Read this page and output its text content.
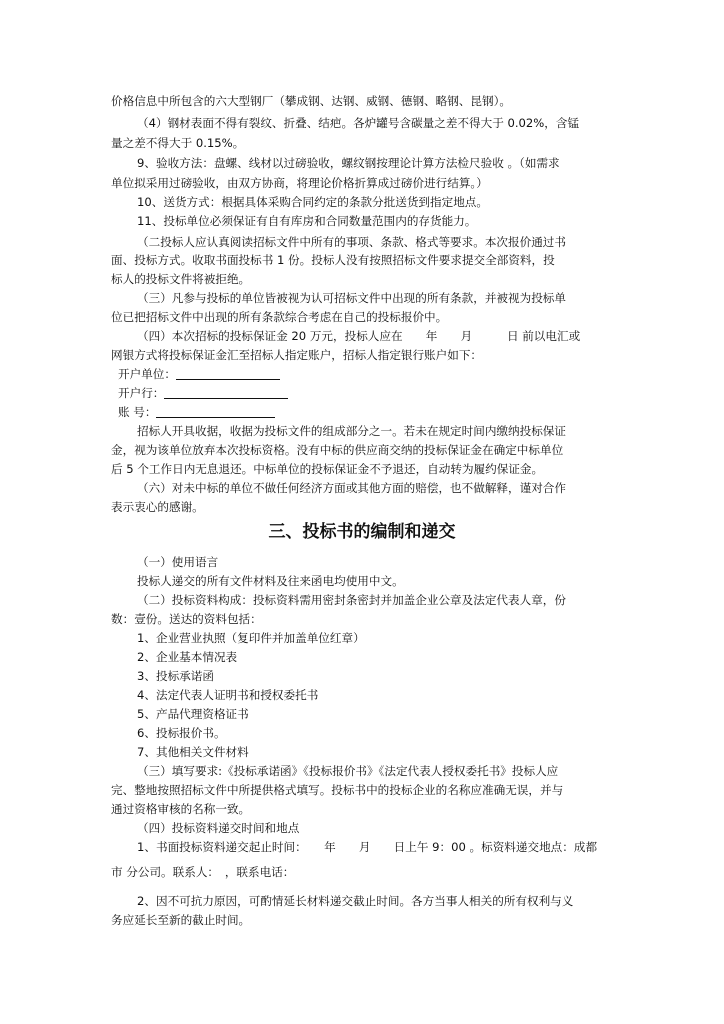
价格信息中所包含的六大型钢厂（攀成钢、达钢、威钢、德钢、略钢、昆钢）。
（4）钢材表面不得有裂纹、折叠、结疤。各炉罐号含碳量之差不得大于 0.02%，含锰
量之差不得大于 0.15%。
9、验收方法：盘螺、线材以过磅验收，螺纹钢按理论计算方法检尺验收 。（如需求
单位拟采用过磅验收，由双方协商，将理论价格折算成过磅价进行结算。）
10、送货方式：根据具体采购合同约定的条款分批送货到指定地点。
11、投标单位必须保证有自有库房和合同数量范围内的存货能力。
（二投标人应认真阅读招标文件中所有的事项、条款、格式等要求。本次报价通过书
面、投标方式。收取书面投标书 1 份。投标人没有按照招标文件要求提交全部资料，投
标人的投标文件将被拒绝。
（三）凡参与投标的单位皆被视为认可招标文件中出现的所有条款，并被视为投标单
位已把招标文件中出现的所有条款综合考虑在自己的投标报价中。
（四）本次招标的投标保证金 20 万元，投标人应在　　年　　月　　　日 前以电汇或
网银方式将投标保证金汇至招标人指定账户，招标人指定银行账户如下：
开户单位：
开户行：
账 号：
招标人开具收据，收据为投标文件的组成部分之一。若未在规定时间内缴纳投标保证
金，视为该单位放弃本次投标资格。没有中标的供应商交纳的投标保证金在确定中标单位
后 5 个工作日内无息退还。中标单位的投标保证金不予退还，自动转为履约保证金。
（六）对未中标的单位不做任何经济方面或其他方面的赔偿，也不做解释，谨对合作
表示衷心的感谢。
三、投标书的编制和递交
（一）使用语言
投标人递交的所有文件材料及往来函电均使用中文。
（二）投标资料构成：投标资料需用密封条密封并加盖企业公章及法定代表人章，份
数：壹份。送达的资料包括：
1、企业营业执照（复印件并加盖单位红章）
2、企业基本情况表
3、投标承诺函
4、法定代表人证明书和授权委托书
5、产品代理资格证书
6、投标报价书。
7、其他相关文件材料
（三）填写要求:《投标承诺函》《投标报价书》《法定代表人授权委托书》投标人应
完、整地按照招标文件中所提供格式填写。投标书中的投标企业的名称应准确无误，并与
通过资格审核的名称一致。
（四）投标资料递交时间和地点
1、书面投标资料递交起止时间：　　年　　月　　日上午 9：00 。标资料递交地点：成都
市 分公司。联系人：　，联系电话：
2、因不可抗力原因，可酌情延长材料递交截止时间。各方当事人相关的所有权利与义
务应延长至新的截止时间。
